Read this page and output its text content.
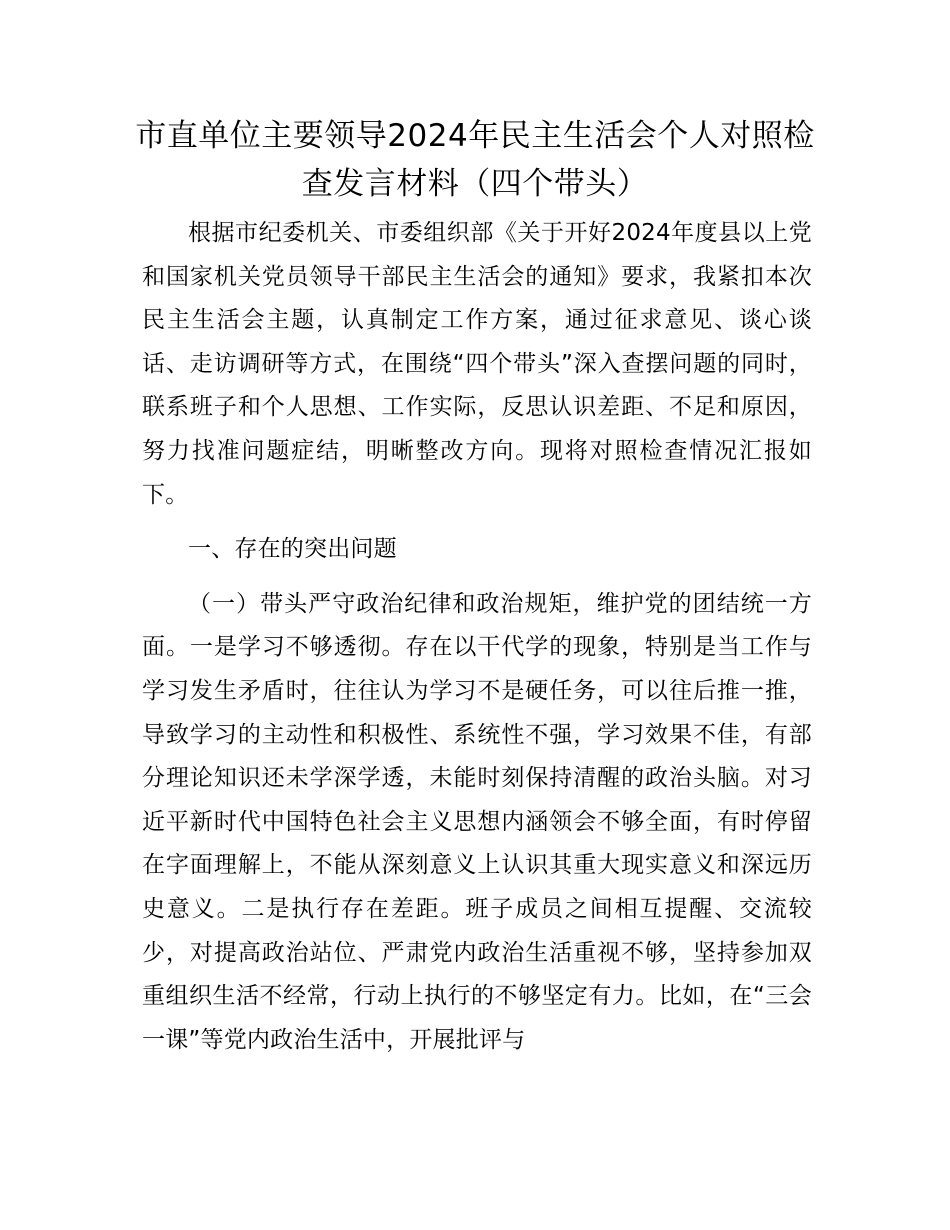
市直单位主要领导2024年民主生活会个人对照检查发言材料（四个带头）

根据市纪委机关、市委组织部《关于开好2024年度县以上党和国家机关党员领导干部民主生活会的通知》要求，我紧扣本次民主生活会主题，认真制定工作方案，通过征求意见、谈心谈话、走访调研等方式，在围绕“四个带头”深入查摆问题的同时，联系班子和个人思想、工作实际，反思认识差距、不足和原因，努力找准问题症结，明晰整改方向。现将对照检查情况汇报如下。

一、存在的突出问题

（一）带头严守政治纪律和政治规矩，维护党的团结统一方面。一是学习不够透彻。存在以干代学的现象，特别是当工作与学习发生矛盾时，往往认为学习不是硬任务，可以往后推一推，导致学习的主动性和积极性、系统性不强，学习效果不佳，有部分理论知识还未学深学透，未能时刻保持清醒的政治头脑。对习近平新时代中国特色社会主义思想内涵领会不够全面，有时停留在字面理解上，不能从深刻意义上认识其重大现实意义和深远历史意义。二是执行存在差距。班子成员之间相互提醒、交流较少，对提高政治站位、严肃党内政治生活重视不够，坚持参加双重组织生活不经常，行动上执行的不够坚定有力。比如，在“三会一课”等党内政治生活中，开展批评与
